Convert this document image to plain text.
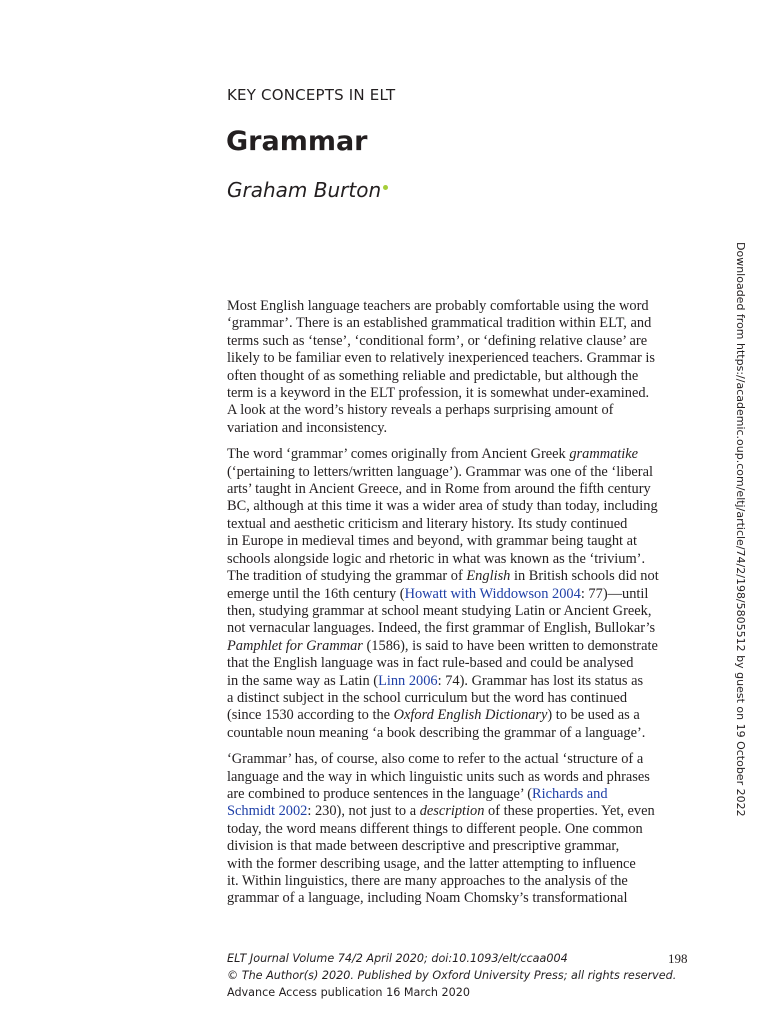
KEY CONCEPTS IN ELT
Grammar
Graham Burton

Most English language teachers are probably comfortable using the word
‘grammar’. There is an established grammatical tradition within ELT, and
terms such as ‘tense’, ‘conditional form’, or ‘defining relative clause’ are
likely to be familiar even to relatively inexperienced teachers. Grammar is
often thought of as something reliable and predictable, but although the
term is a keyword in the ELT profession, it is somewhat under-examined.
A look at the word’s history reveals a perhaps surprising amount of
variation and inconsistency.

The word ‘grammar’ comes originally from Ancient Greek grammatike
(‘pertaining to letters/written language’). Grammar was one of the ‘liberal
arts’ taught in Ancient Greece, and in Rome from around the fifth century
BC, although at this time it was a wider area of study than today, including
textual and aesthetic criticism and literary history. Its study continued
in Europe in medieval times and beyond, with grammar being taught at
schools alongside logic and rhetoric in what was known as the ‘trivium’.
The tradition of studying the grammar of English in British schools did not
emerge until the 16th century (Howatt with Widdowson 2004: 77)—until
then, studying grammar at school meant studying Latin or Ancient Greek,
not vernacular languages. Indeed, the first grammar of English, Bullokar’s
Pamphlet for Grammar (1586), is said to have been written to demonstrate
that the English language was in fact rule-based and could be analysed
in the same way as Latin (Linn 2006: 74). Grammar has lost its status as
a distinct subject in the school curriculum but the word has continued
(since 1530 according to the Oxford English Dictionary) to be used as a
countable noun meaning ‘a book describing the grammar of a language’.

‘Grammar’ has, of course, also come to refer to the actual ‘structure of a
language and the way in which linguistic units such as words and phrases
are combined to produce sentences in the language’ (Richards and
Schmidt 2002: 230), not just to a description of these properties. Yet, even
today, the word means different things to different people. One common
division is that made between descriptive and prescriptive grammar,
with the former describing usage, and the latter attempting to influence
it. Within linguistics, there are many approaches to the analysis of the
grammar of a language, including Noam Chomsky’s transformational

ELT Journal Volume 74/2 April 2020; doi:10.1093/elt/ccaa004
© The Author(s) 2020. Published by Oxford University Press; all rights reserved.
Advance Access publication 16 March 2020
198
Downloaded from https://academic.oup.com/eltj/article/74/2/198/5805512 by guest on 19 October 2022
